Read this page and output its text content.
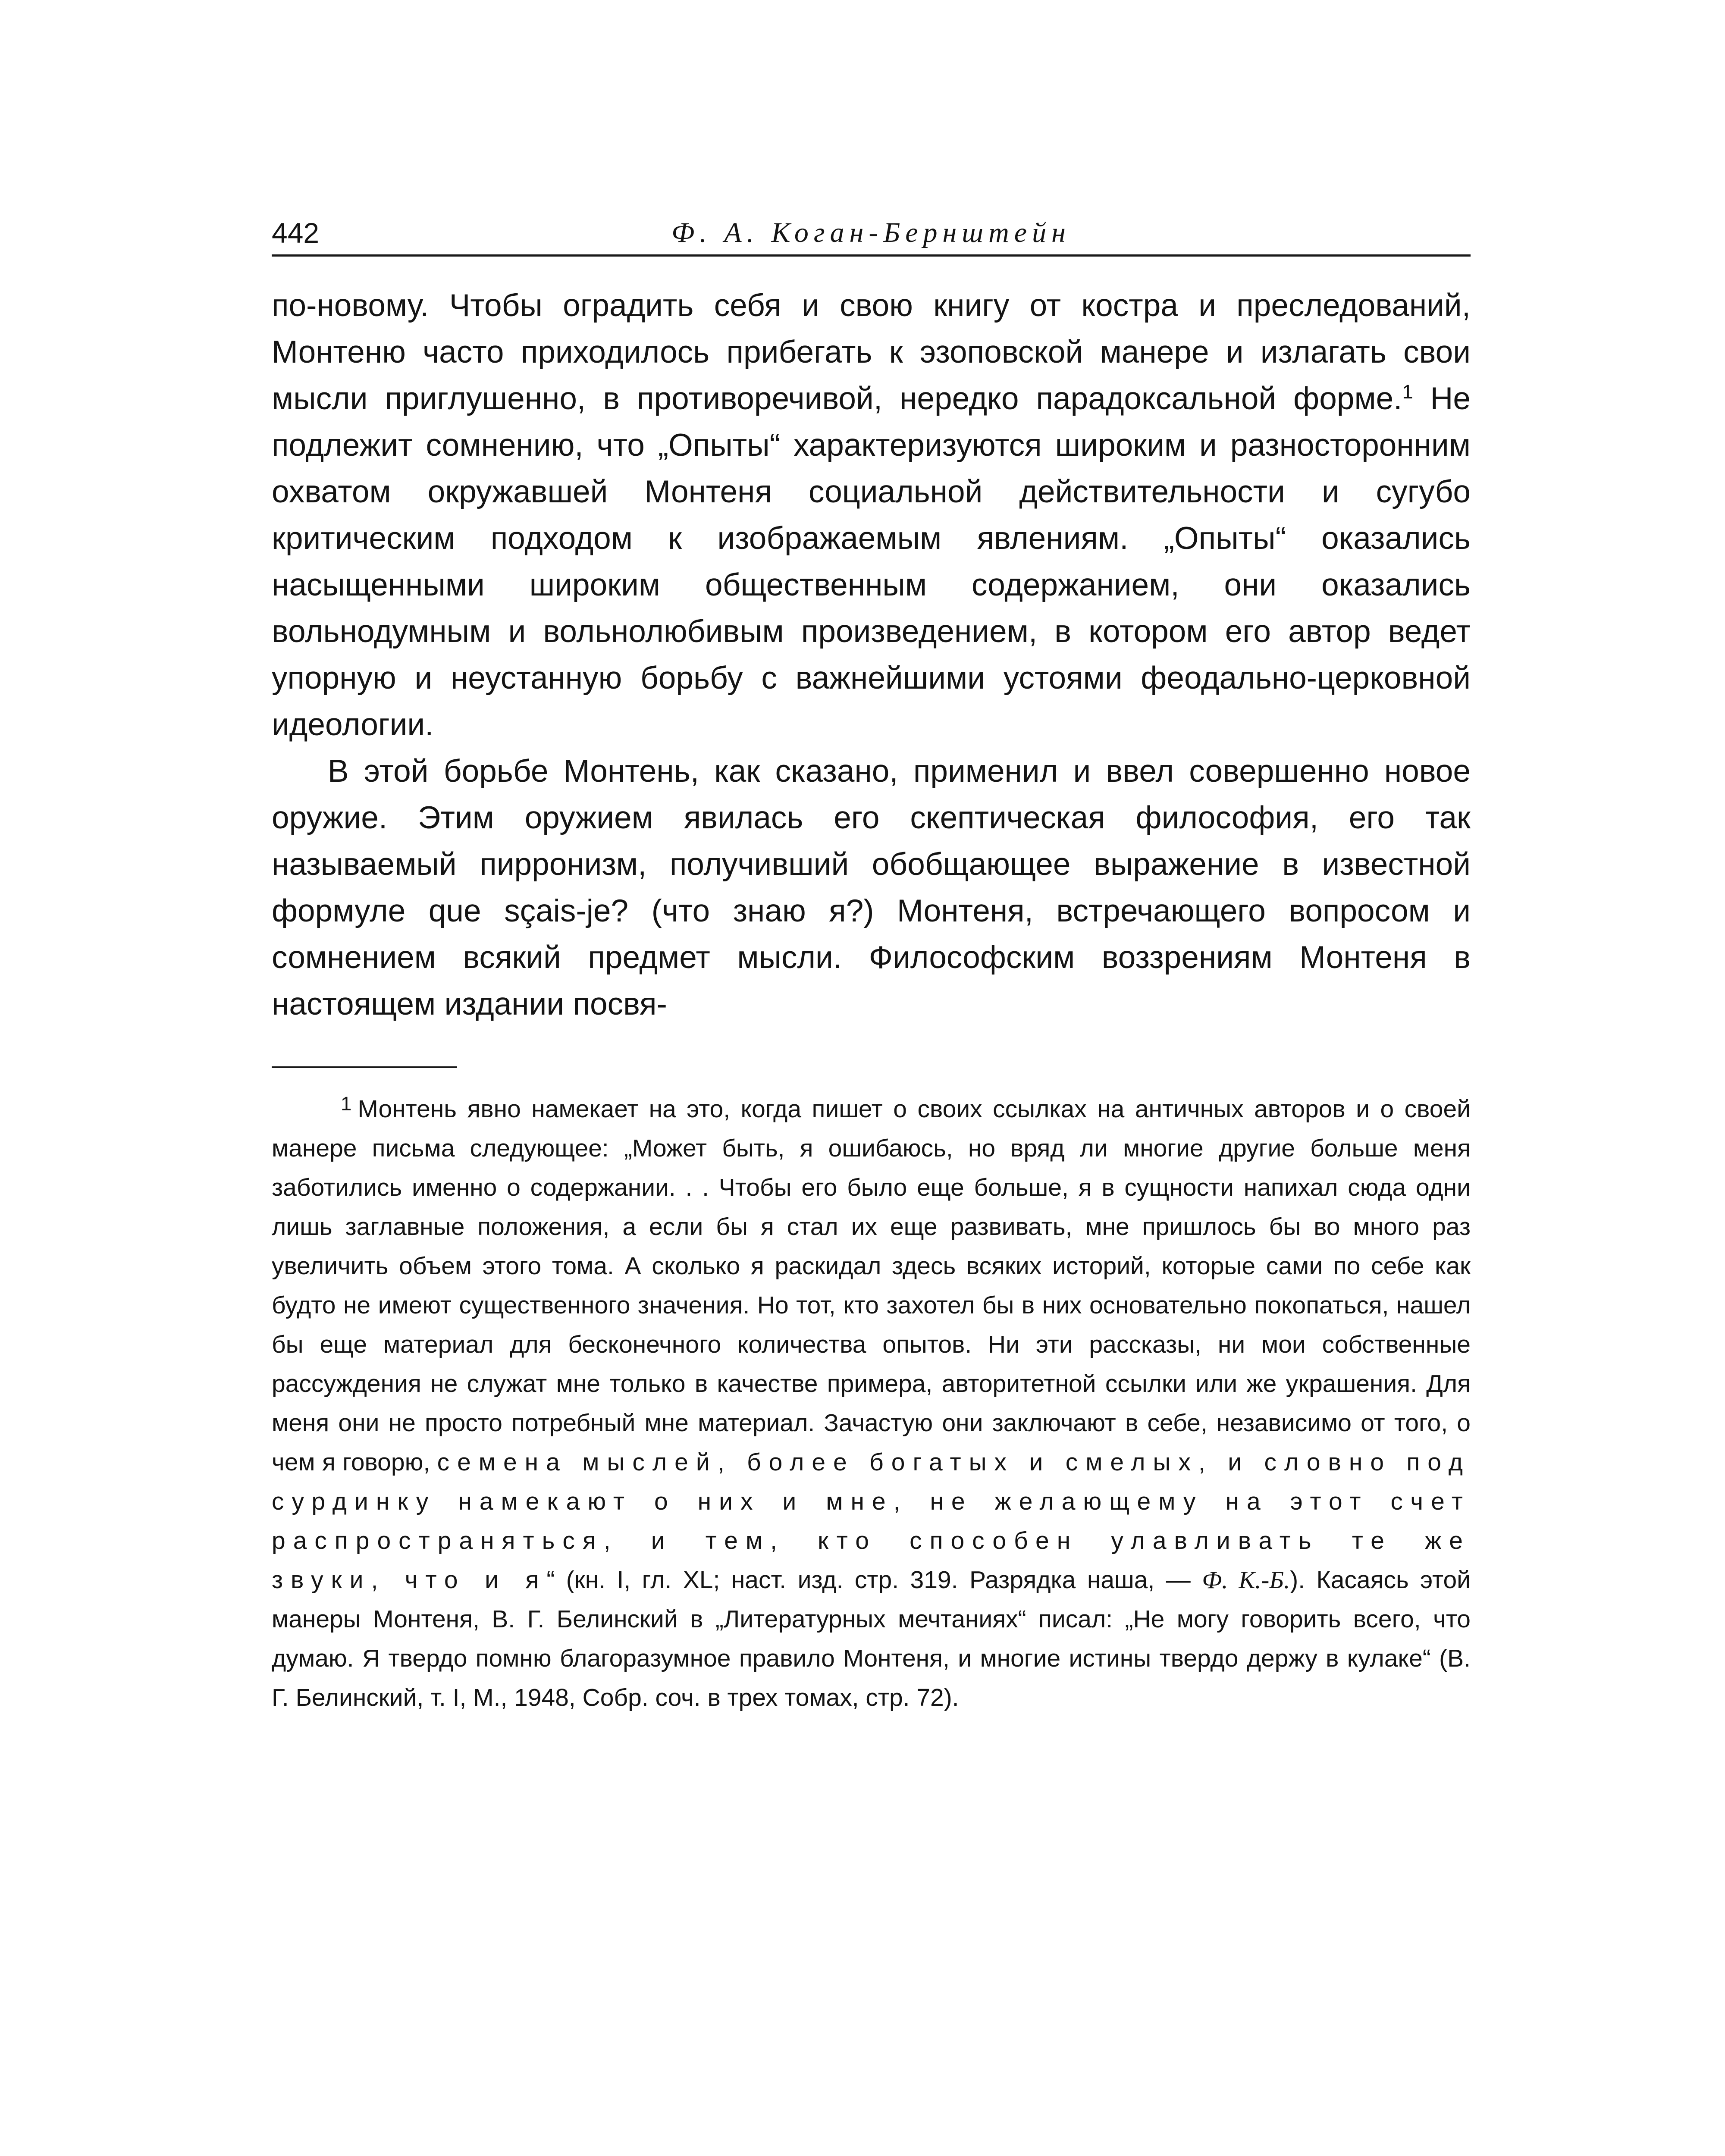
442	Ф. А. Коган-Бернштейн

по-новому. Чтобы оградить себя и свою книгу от костра и преследований, Монтеню часто приходилось прибегать к эзоповской манере и излагать свои мысли приглушенно, в противоречивой, нередко парадоксальной форме.$^1$ Не подлежит сомнению, что „Опыты“ характеризуются широким и разносторонним охватом окружавшей Монтеня социальной действительности и сугубо критическим подходом к изображаемым явлениям. „Опыты“ оказались насыщенными широким общественным содержанием, они оказались вольнодумным и вольнолюбивым произведением, в котором его автор ведет упорную и неустанную борьбу с важнейшими устоями феодально-церковной идеологии.

В этой борьбе Монтень, как сказано, применил и ввел совершенно новое оружие. Этим оружием явилась его скептическая философия, его так называемый пирронизм, получивший обобщающее выражение в известной формуле que sçais-je? (что знаю я?) Монтеня, встречающего вопросом и сомнением всякий предмет мысли. Философским воззрениям Монтеня в настоящем издании посвя-

$^1$ Монтень явно намекает на это, когда пишет о своих ссылках на античных авторов и о своей манере письма следующее: „Может быть, я ошибаюсь, но вряд ли многие другие больше меня заботились именно о содержании. . . Чтобы его было еще больше, я в сущности напихал сюда одни лишь заглавные положения, а если бы я стал их еще развивать, мне пришлось бы во много раз увеличить объем этого тома. А сколько я раскидал здесь всяких историй, которые сами по себе как будто не имеют существенного значения. Но тот, кто захотел бы в них основательно покопаться, нашел бы еще материал для бесконечного количества опытов. Ни эти рассказы, ни мои собственные рассуждения не служат мне только в качестве примера, авторитетной ссылки или же украшения. Для меня они не просто потребный мне материал. Зачастую они заключают в себе, независимо от того, о чем я говорю, семена мыслей, более богатых и смелых, и словно под сурдинку намекают о них и мне, не желающему на этот счет распространяться, и тем, кто способен улавливать те же звуки, что и я“ (кн. I, гл. XL; наст. изд. стр. 319. Разрядка наша, — Ф. К.-Б.). Касаясь этой манеры Монтеня, В. Г. Белинский в „Литературных мечтаниях“ писал: „Не могу говорить всего, что думаю. Я твердо помню благоразумное правило Монтеня, и многие истины твердо держу в кулаке“ (В. Г. Белинский, т. I, М., 1948, Собр. соч. в трех томах, стр. 72).
